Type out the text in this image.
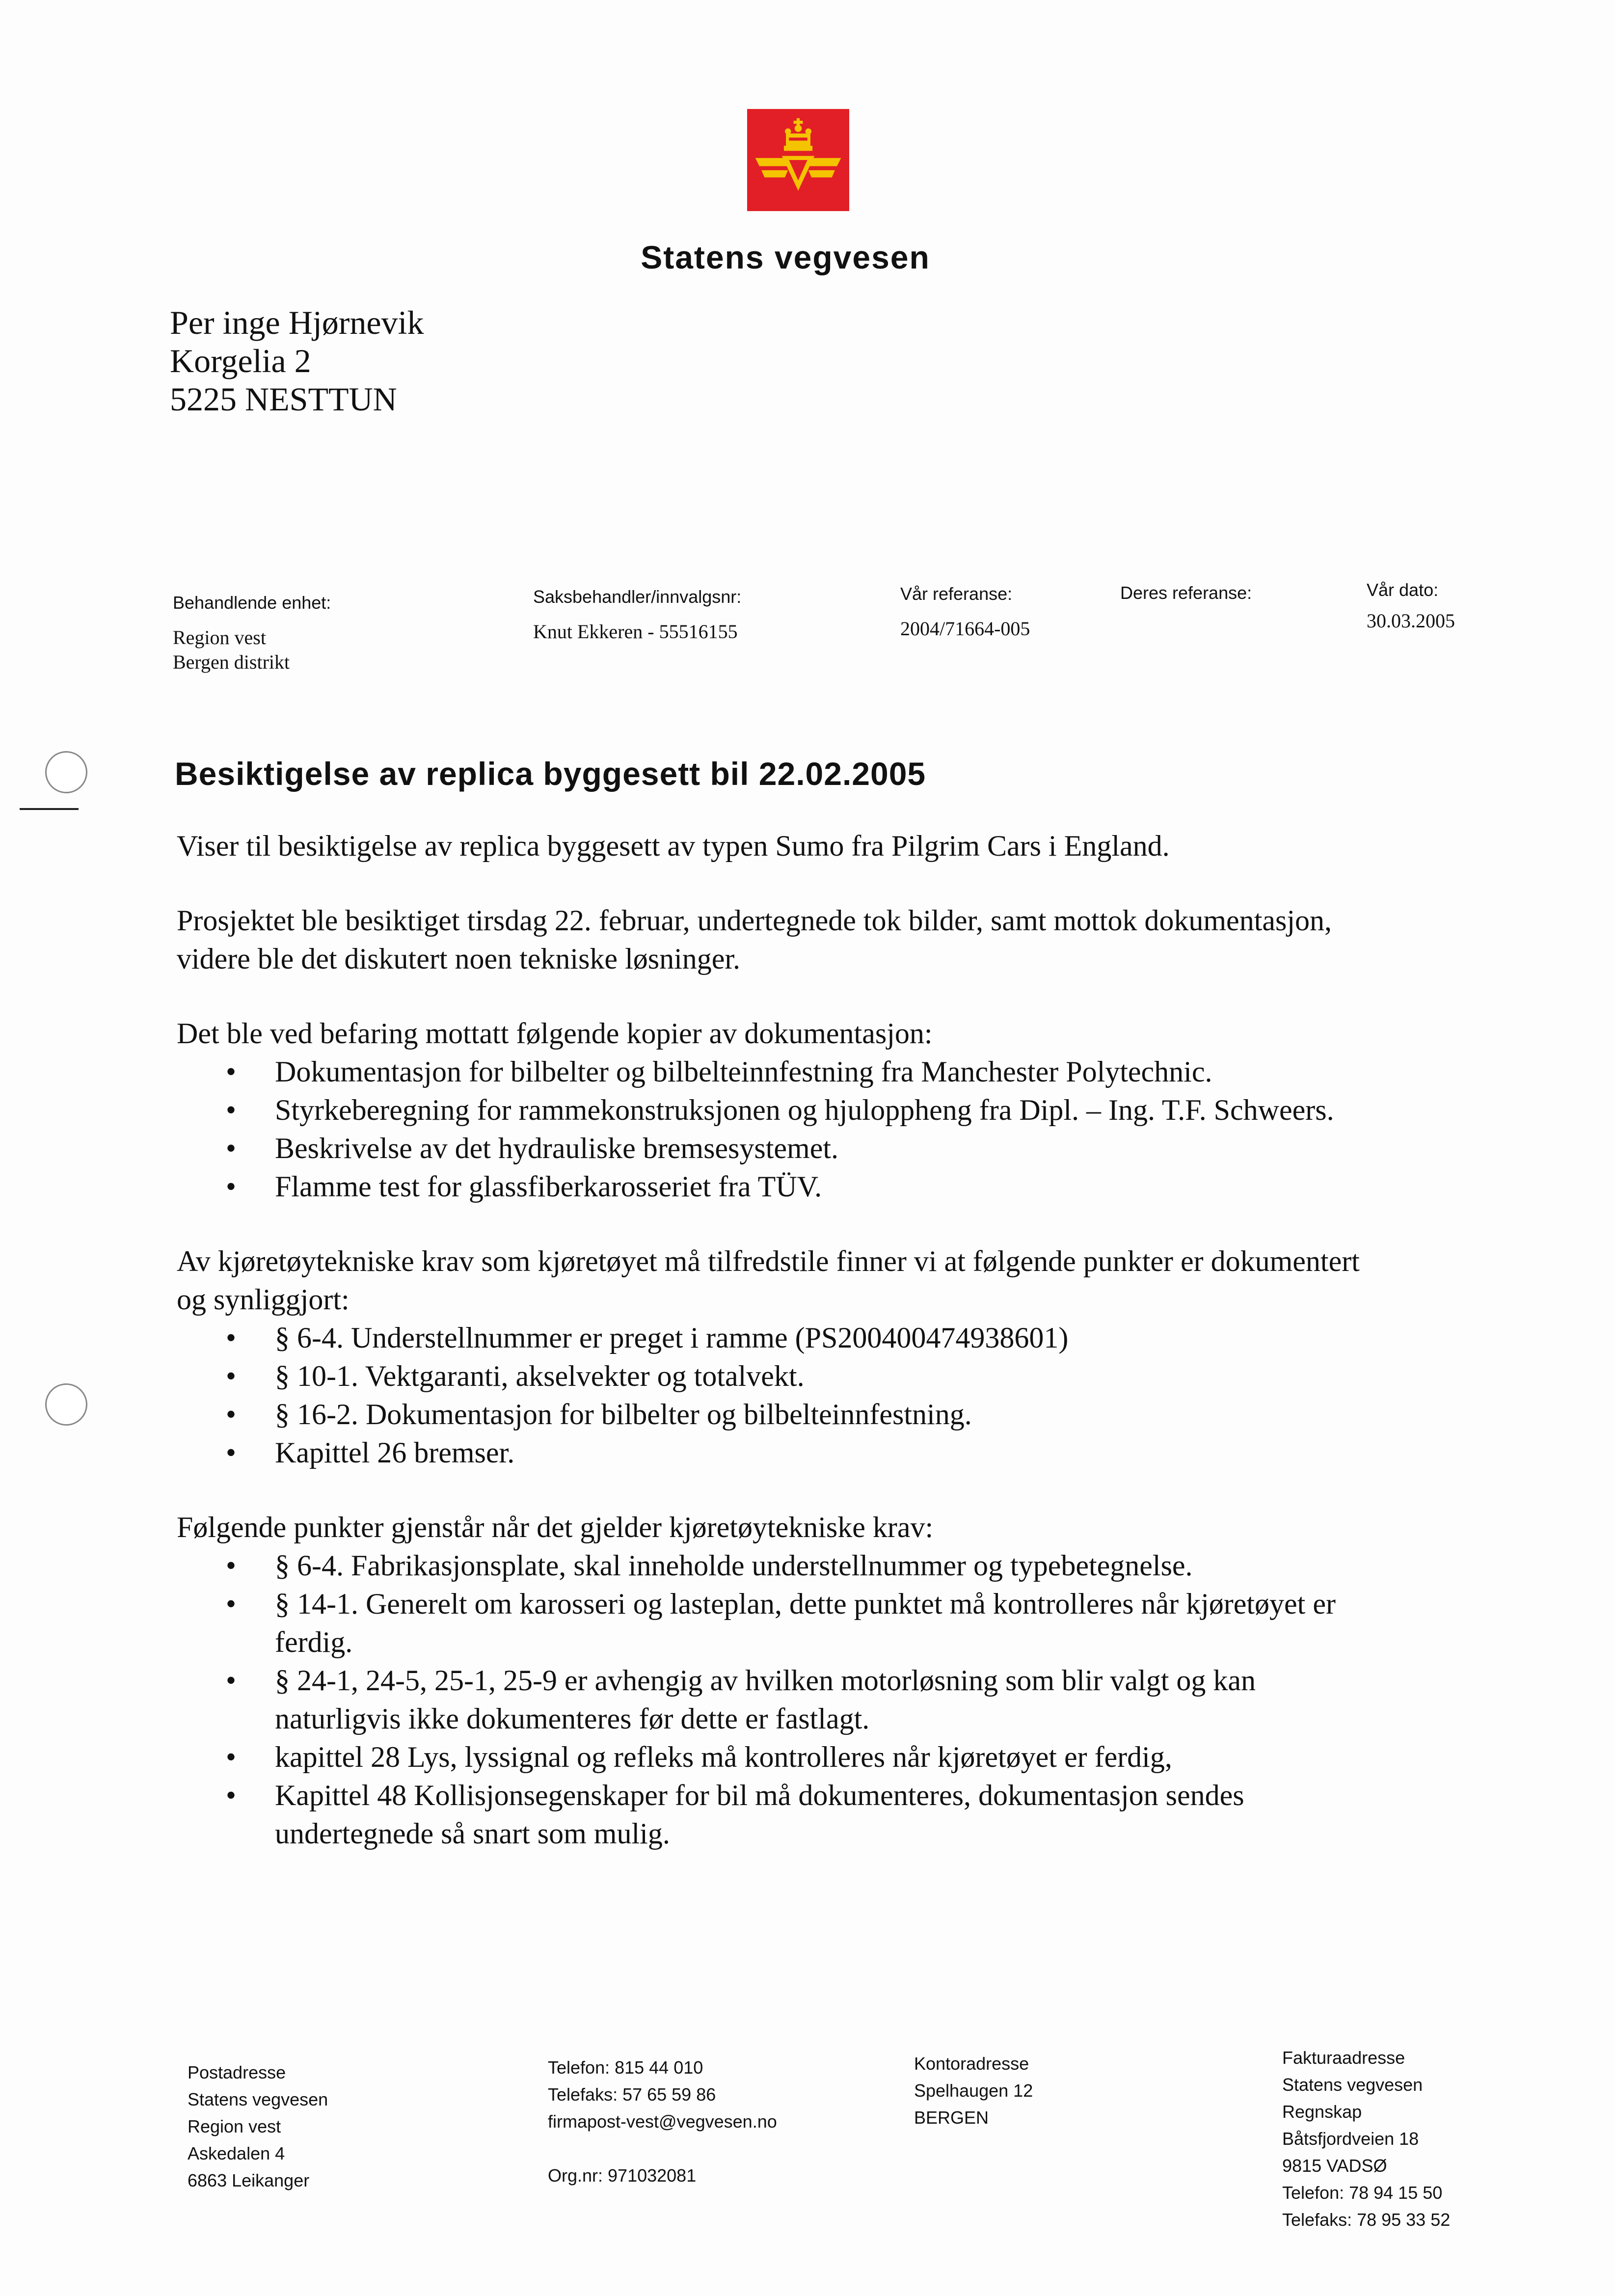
Statens vegvesen
Per inge Hjørnevik
Korgelia 2
5225 NESTTUN
Behandlende enhet:
Region vest
Bergen distrikt
Saksbehandler/innvalgsnr:
Knut Ekkeren - 55516155
Vår referanse:
2004/71664-005
Deres referanse:	Vår dato:
30.03.2005
Besiktigelse av replica byggesett bil 22.02.2005

Viser til besiktigelse av replica byggesett av typen Sumo fra Pilgrim Cars i England.

Prosjektet ble besiktiget tirsdag 22. februar, undertegnede tok bilder, samt mottok dokumentasjon, videre ble det diskutert noen tekniske løsninger.

Det ble ved befaring mottatt følgende kopier av dokumentasjon:

• Dokumentasjon for bilbelter og bilbelteinnfestning fra Manchester Polytechnic.
• Styrkeberegning for rammekonstruksjonen og hjuloppheng fra Dipl. – Ing. T.F. Schweers.
• Beskrivelse av det hydrauliske bremsesystemet.
• Flamme test for glassfiberkarosseriet fra TÜV.

Av kjøretøytekniske krav som kjøretøyet må tilfredstile finner vi at følgende punkter er dokumentert og synliggjort:

• § 6-4. Understellnummer er preget i ramme (PS200400474938601)
• § 10-1. Vektgaranti, akselvekter og totalvekt.
• § 16-2. Dokumentasjon for bilbelter og bilbelteinnfestning.
• Kapittel 26 bremser.

Følgende punkter gjenstår når det gjelder kjøretøytekniske krav:

• § 6-4. Fabrikasjonsplate, skal inneholde understellnummer og typebetegnelse.
• § 14-1. Generelt om karosseri og lasteplan, dette punktet må kontrolleres når kjøretøyet er ferdig.
• § 24-1, 24-5, 25-1, 25-9 er avhengig av hvilken motorløsning som blir valgt og kan naturligvis ikke dokumenteres før dette er fastlagt.
• kapittel 28 Lys, lyssignal og refleks må kontrolleres når kjøretøyet er ferdig,
• Kapittel 48 Kollisjonsegenskaper for bil må dokumenteres, dokumentasjon sendes undertegnede så snart som mulig.
Postadresse
Statens vegvesen
Region vest
Askedalen 4
6863 Leikanger
Telefon: 815 44 010
Telefaks: 57 65 59 86
firmapost-vest@vegvesen.no

Org.nr: 971032081
Kontoradresse
Spelhaugen 12
BERGEN
Fakturaadresse
Statens vegvesen
Regnskap
Båtsfjordveien 18
9815 VADSØ
Telefon: 78 94 15 50
Telefaks: 78 95 33 52
